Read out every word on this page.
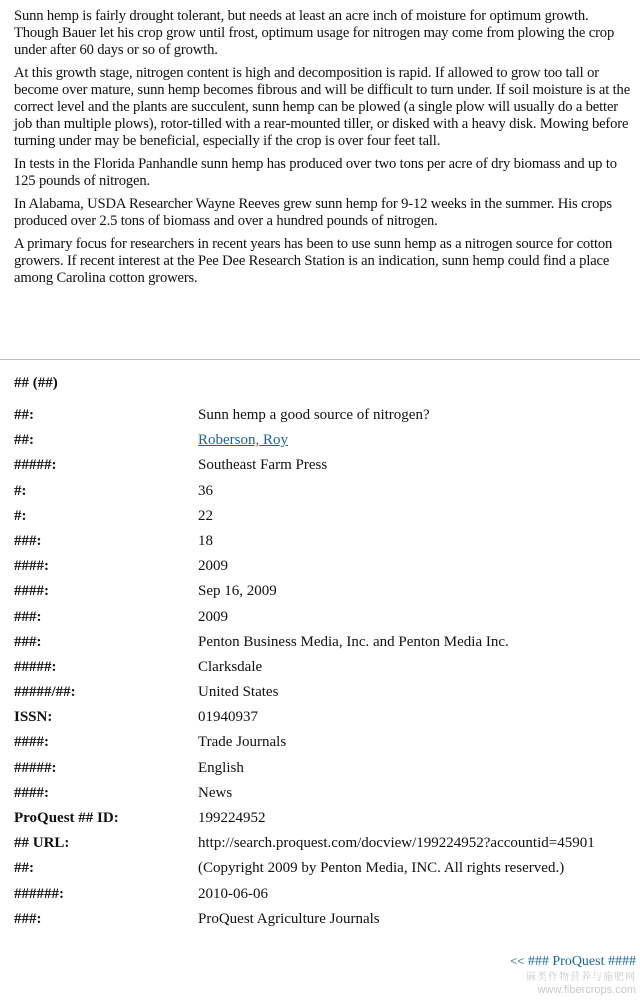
Sunn hemp is fairly drought tolerant, but needs at least an acre inch of moisture for optimum growth. Though Bauer let his crop grow until frost, optimum usage for nitrogen may come from plowing the crop under after 60 days or so of growth.

At this growth stage, nitrogen content is high and decomposition is rapid. If allowed to grow too tall or become over mature, sunn hemp becomes fibrous and will be difficult to turn under. If soil moisture is at the correct level and the plants are succulent, sunn hemp can be plowed (a single plow will usually do a better job than multiple plows), rotor-tilled with a rear-mounted tiller, or disked with a heavy disk. Mowing before turning under may be beneficial, especially if the crop is over four feet tall.

In tests in the Florida Panhandle sunn hemp has produced over two tons per acre of dry biomass and up to 125 pounds of nitrogen.

In Alabama, USDA Researcher Wayne Reeves grew sunn hemp for 9-12 weeks in the summer. His crops produced over 2.5 tons of biomass and over a hundred pounds of nitrogen.

A primary focus for researchers in recent years has been to use sunn hemp as a nitrogen source for cotton growers. If recent interest at the Pee Dee Research Station is an indication, sunn hemp could find a place among Carolina cotton growers.

## (##)
##:	Sunn hemp a good source of nitrogen?
##:	Roberson, Roy
#####:	Southeast Farm Press
#:	36
#:	22
###:	18
####:	2009
####:	Sep 16, 2009
###:	2009
###:	Penton Business Media, Inc. and Penton Media Inc.
#####:	Clarksdale
#####/##:	United States
ISSN:	01940937
####:	Trade Journals
#####:	English
####:	News
ProQuest ## ID:	199224952
## URL:	http://search.proquest.com/docview/199224952?accountid=45901
##:	(Copyright 2009 by Penton Media, INC. All rights reserved.)
######:	2010-06-06
###:	ProQuest Agriculture Journals
<< ### ProQuest ####
麻类作物营养与施肥网
www.fibercrops.com
